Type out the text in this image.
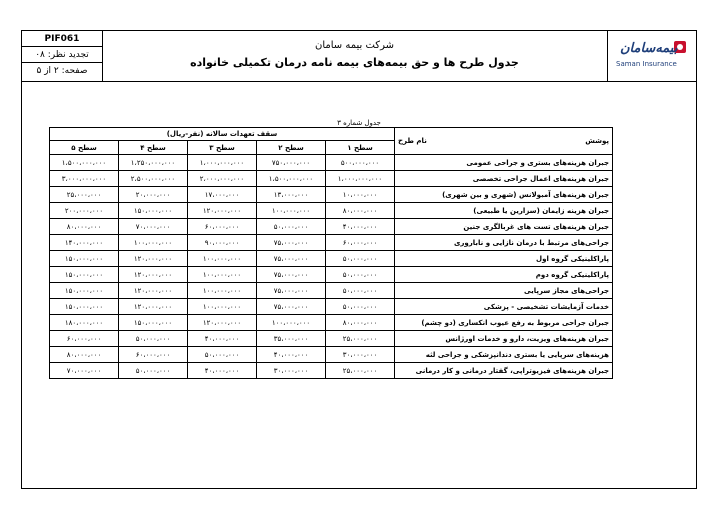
PIF061
تجدید نظر: ۰۸
صفحه: ۲ از ۵
شرکت بیمه سامان
جدول طرح ها و حق بیمه‌های بیمه نامه درمان تکمیلی خانواده
بیمه‌سامان
Saman Insurance
جدول شماره ۳
پوشش
نام طرح	سقف تعهدات سالانه (نفر-ریال)				
	سطح ۱	سطح ۲	سطح ۳	سطح ۴	سطح ۵
جبران هزینه‌های بستری و جراحی عمومی	۵۰۰،۰۰۰،۰۰۰	۷۵۰،۰۰۰،۰۰۰	۱،۰۰۰،۰۰۰،۰۰۰	۱،۲۵۰،۰۰۰،۰۰۰	۱،۵۰۰،۰۰۰،۰۰۰
جبران هزینه‌های اعمال جراحی تخصصی	۱،۰۰۰،۰۰۰،۰۰۰	۱،۵۰۰،۰۰۰،۰۰۰	۲،۰۰۰،۰۰۰،۰۰۰	۲،۵۰۰،۰۰۰،۰۰۰	۳،۰۰۰،۰۰۰،۰۰۰
جبران هزینه‌های آمبولانس (شهری و بین شهری)	۱۰،۰۰۰،۰۰۰	۱۳،۰۰۰،۰۰۰	۱۷،۰۰۰،۰۰۰	۲۰،۰۰۰،۰۰۰	۲۵،۰۰۰،۰۰۰
جبران هزینه زایمان (سزارین یا طبیعی)	۸۰،۰۰۰،۰۰۰	۱۰۰،۰۰۰،۰۰۰	۱۲۰،۰۰۰،۰۰۰	۱۵۰،۰۰۰،۰۰۰	۲۰۰،۰۰۰،۰۰۰
جبران هزینه‌های تست های غربالگری جنین	۴۰،۰۰۰،۰۰۰	۵۰،۰۰۰،۰۰۰	۶۰،۰۰۰،۰۰۰	۷۰،۰۰۰،۰۰۰	۸۰،۰۰۰،۰۰۰
جراحی‌های مرتبط با درمان نازایی و ناباروری	۶۰،۰۰۰،۰۰۰	۷۵،۰۰۰،۰۰۰	۹۰،۰۰۰،۰۰۰	۱۰۰،۰۰۰،۰۰۰	۱۴۰،۰۰۰،۰۰۰
پاراکلینیکی گروه اول	۵۰،۰۰۰،۰۰۰	۷۵،۰۰۰،۰۰۰	۱۰۰،۰۰۰،۰۰۰	۱۲۰،۰۰۰،۰۰۰	۱۵۰،۰۰۰،۰۰۰
پاراکلینیکی گروه دوم	۵۰،۰۰۰،۰۰۰	۷۵،۰۰۰،۰۰۰	۱۰۰،۰۰۰،۰۰۰	۱۲۰،۰۰۰،۰۰۰	۱۵۰،۰۰۰،۰۰۰
جراحی‌های مجاز سرپایی	۵۰،۰۰۰،۰۰۰	۷۵،۰۰۰،۰۰۰	۱۰۰،۰۰۰،۰۰۰	۱۲۰،۰۰۰،۰۰۰	۱۵۰،۰۰۰،۰۰۰
خدمات آزمایشات تشخیصی - پزشکی	۵۰،۰۰۰،۰۰۰	۷۵،۰۰۰،۰۰۰	۱۰۰،۰۰۰،۰۰۰	۱۲۰،۰۰۰،۰۰۰	۱۵۰،۰۰۰،۰۰۰
جبران جراحی مربوط به رفع عیوب انکساری (دو چشم)	۸۰،۰۰۰،۰۰۰	۱۰۰،۰۰۰،۰۰۰	۱۲۰،۰۰۰،۰۰۰	۱۵۰،۰۰۰،۰۰۰	۱۸۰،۰۰۰،۰۰۰
جبران هزینه‌های ویزیت، دارو و خدمات اورژانس	۲۵،۰۰۰،۰۰۰	۳۵،۰۰۰،۰۰۰	۴۰،۰۰۰،۰۰۰	۵۰،۰۰۰،۰۰۰	۶۰،۰۰۰،۰۰۰
هزینه‌های سرپایی یا بستری دندانپزشکی و جراحی لثه	۳۰،۰۰۰،۰۰۰	۴۰،۰۰۰،۰۰۰	۵۰،۰۰۰،۰۰۰	۶۰،۰۰۰،۰۰۰	۸۰،۰۰۰،۰۰۰
جبران هزینه‌های فیزیوتراپی، گفتار درمانی و کار درمانی	۲۵،۰۰۰،۰۰۰	۳۰،۰۰۰،۰۰۰	۴۰،۰۰۰،۰۰۰	۵۰،۰۰۰،۰۰۰	۷۰،۰۰۰،۰۰۰
